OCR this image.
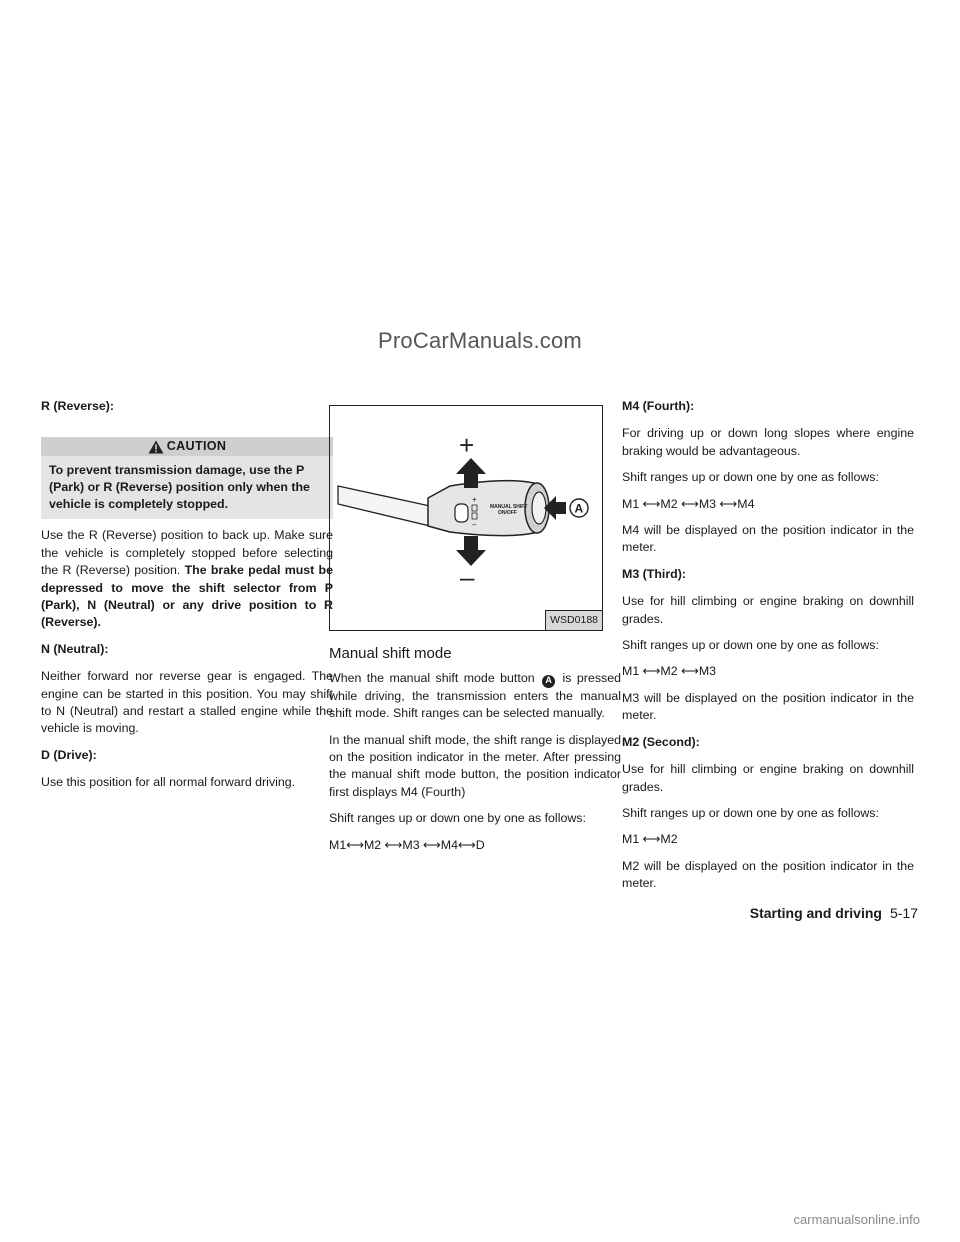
ProCarManuals.com
R (Reverse):
CAUTION
To prevent transmission damage, use the P (Park) or R (Reverse) position only when the vehicle is completely stopped.

Use the R (Reverse) position to back up. Make sure the vehicle is completely stopped before selecting the R (Reverse) position. The brake pedal must be depressed to move the shift selector from P (Park), N (Neutral) or any drive position to R (Reverse).

N (Neutral):

Neither forward nor reverse gear is engaged. The engine can be started in this position. You may shift to N (Neutral) and restart a stalled engine while the vehicle is moving.

D (Drive):

Use this position for all normal forward driving.

+
–
MANUAL SHIFT
ON/OFF
+
–
A
WSD0188
Manual shift mode

When the manual shift mode button A is pressed while driving, the transmission enters the manual shift mode. Shift ranges can be selected manually.

In the manual shift mode, the shift range is displayed on the position indicator in the meter. After pressing the manual shift mode button, the position indicator first displays M4 (Fourth)

Shift ranges up or down one by one as follows:

M1⟷M2 ⟷M3 ⟷M4⟷D

M4 (Fourth):

For driving up or down long slopes where engine braking would be advantageous.

Shift ranges up or down one by one as follows:

M1 ⟷M2 ⟷M3 ⟷M4

M4 will be displayed on the position indicator in the meter.

M3 (Third):

Use for hill climbing or engine braking on downhill grades.

Shift ranges up or down one by one as follows:

M1 ⟷M2 ⟷M3

M3 will be displayed on the position indicator in the meter.

M2 (Second):

Use for hill climbing or engine braking on downhill grades.

Shift ranges up or down one by one as follows:

M1 ⟷M2

M2 will be displayed on the position indicator in the meter.

Starting and driving 5-17
carmanualsonline.info
